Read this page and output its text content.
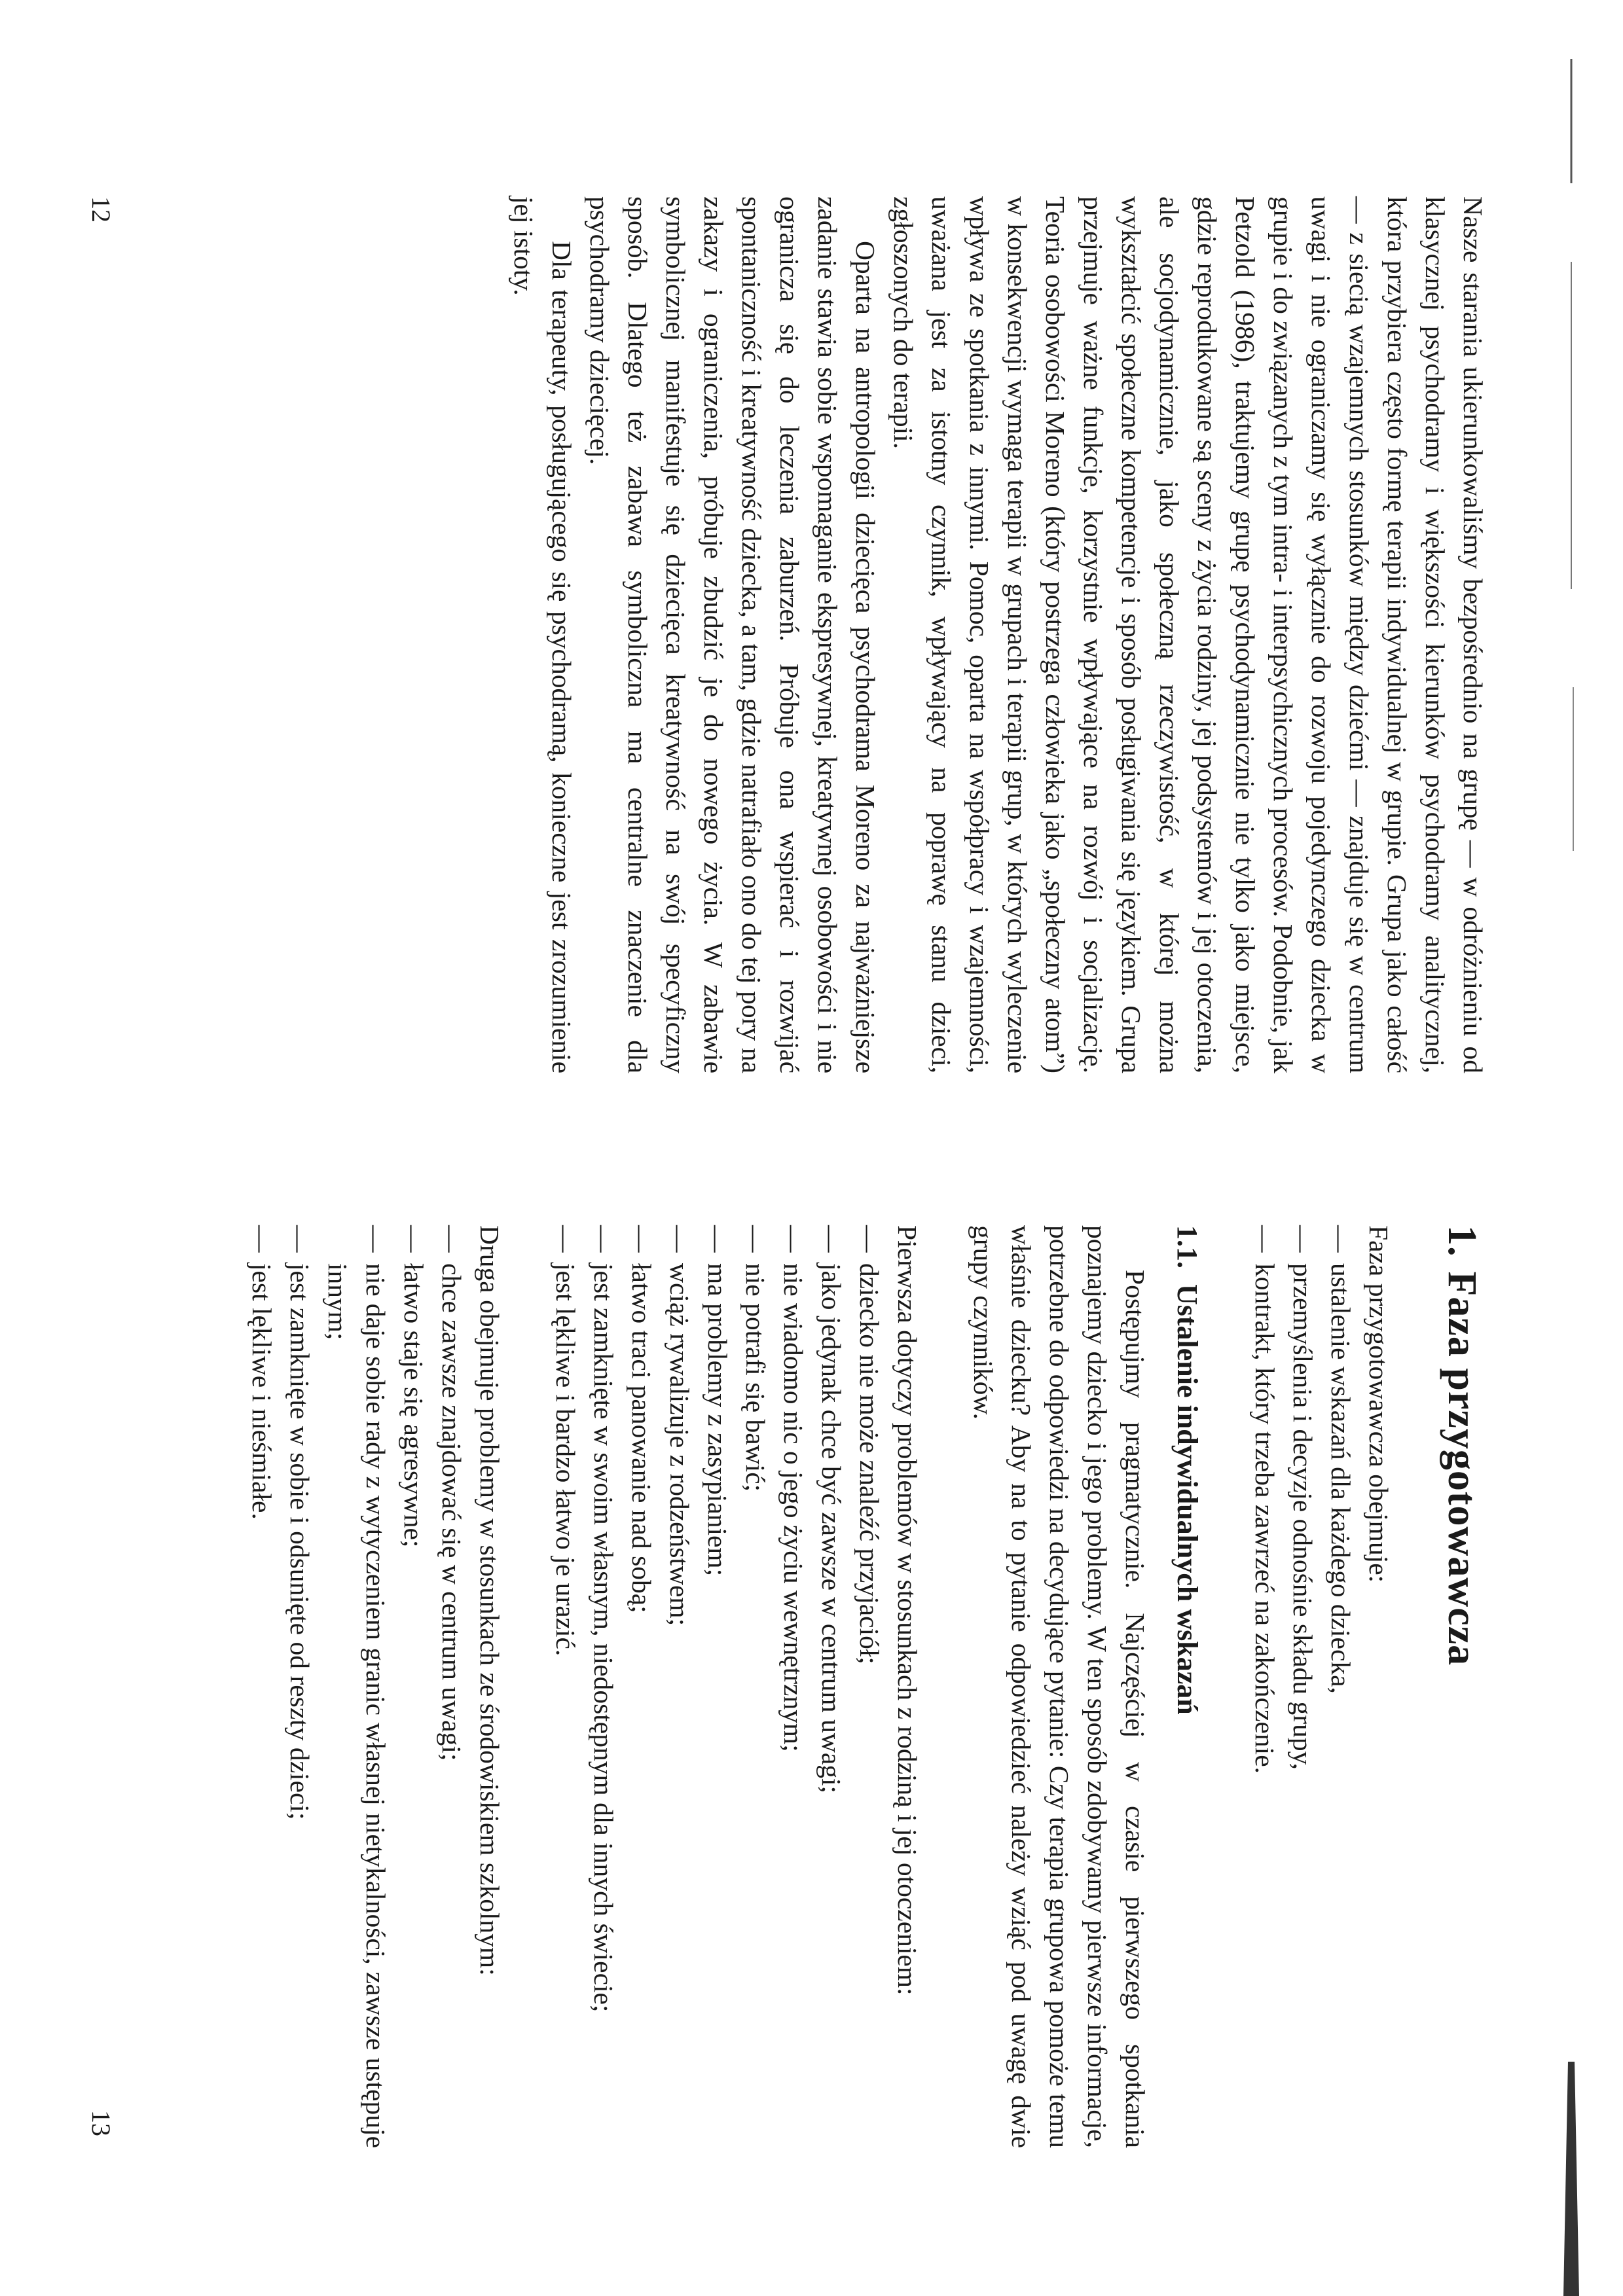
Nasze starania ukierunkowaliśmy bezpośrednio na grupę — w odróżnieniu od klasycznej psychodramy i większości kierunków psychodramy analitycznej, która przybiera często formę terapii indywidualnej w grupie. Grupa jako całość — z siecią wzajemnych stosunków między dziećmi — znajduje się w centrum uwagi i nie ograniczamy się wyłącznie do rozwoju pojedynczego dziecka w grupie i do związanych z tym intra- i interpsychicznych procesów. Podobnie, jak Petzold (1986), traktujemy grupę psychodynamicznie nie tylko jako miejsce, gdzie reprodukowane są sceny z życia rodziny, jej podsystemów i jej otoczenia, ale socjodynamicznie, jako społeczną rzeczywistość, w której można wykształcić społeczne kompetencje i sposób posługiwania się językiem. Grupa przejmuje ważne funkcje, korzystnie wpływające na rozwój i socjalizację. Teoria osobowości Moreno (który postrzega człowieka jako „społeczny atom”) w konsekwencji wymaga terapii w grupach i terapii grup, w których wyleczenie wpływa ze spotkania z innymi. Pomoc, oparta na współpracy i wzajemności, uważana jest za istotny czynnik, wpływający na poprawę stanu dzieci, zgłoszonych do terapii.

Oparta na antropologii dziecięca psychodrama Moreno za najważniejsze zadanie stawia sobie wspomaganie ekspresywnej, kreatywnej osobowości i nie ogranicza się do leczenia zaburzeń. Próbuje ona wspierać i rozwijać spontaniczność i kreatywność dziecka, a tam, gdzie natrafiało ono do tej pory na zakazy i ograniczenia, próbuje zbudzić je do nowego życia. W zabawie symbolicznej manifestuje się dziecięca kreatywność na swój specyficzny sposób. Dlatego też zabawa symboliczna ma centralne znaczenie dla psychodramy dziecięcej.

Dla terapeuty, posługującego się psychodramą, konieczne jest zrozumienie jej istoty.

12
1.Faza przygotowawcza

Faza przygotowawcza obejmuje:

—ustalenie wskazań dla każdego dziecka,
—przemyślenia i decyzje odnośnie składu grupy,
—kontrakt, który trzeba zawrzeć na zakończenie.
1.1.Ustalenie indywidualnych wskazań

Postępujmy pragmatycznie. Najczęściej w czasie pierwszego spotkania poznajemy dziecko i jego problemy. W ten sposób zdobywamy pierwsze informacje, potrzebne do odpowiedzi na decydujące pytanie: Czy terapia grupowa pomoże temu właśnie dziecku? Aby na to pytanie odpowiedzieć należy wziąć pod uwagę dwie grupy czynników.

Pierwsza dotyczy problemów w stosunkach z rodziną i jej otoczeniem:

—dziecko nie może znaleźć przyjaciół;
—jako jedynak chce być zawsze w centrum uwagi;
—nie wiadomo nic o jego życiu wewnętrznym;
—nie potrafi się bawić;
—ma problemy z zasypianiem;
—wciąż rywalizuje z rodzeństwem;
—łatwo traci panowanie nad sobą;
—jest zamknięte w swoim własnym, niedostępnym dla innych świecie;
—jest lękliwe i bardzo łatwo je urazić.

Druga obejmuje problemy w stosunkach ze środowiskiem szkolnym:

—chce zawsze znajdować się w centrum uwagi;
—łatwo staje się agresywne;
—nie daje sobie rady z wytyczeniem granic własnej nietykalności, zawsze ustępuje innym;
—jest zamknięte w sobie i odsunięte od reszty dzieci;
—jest lękliwe i nieśmiałe.
13
